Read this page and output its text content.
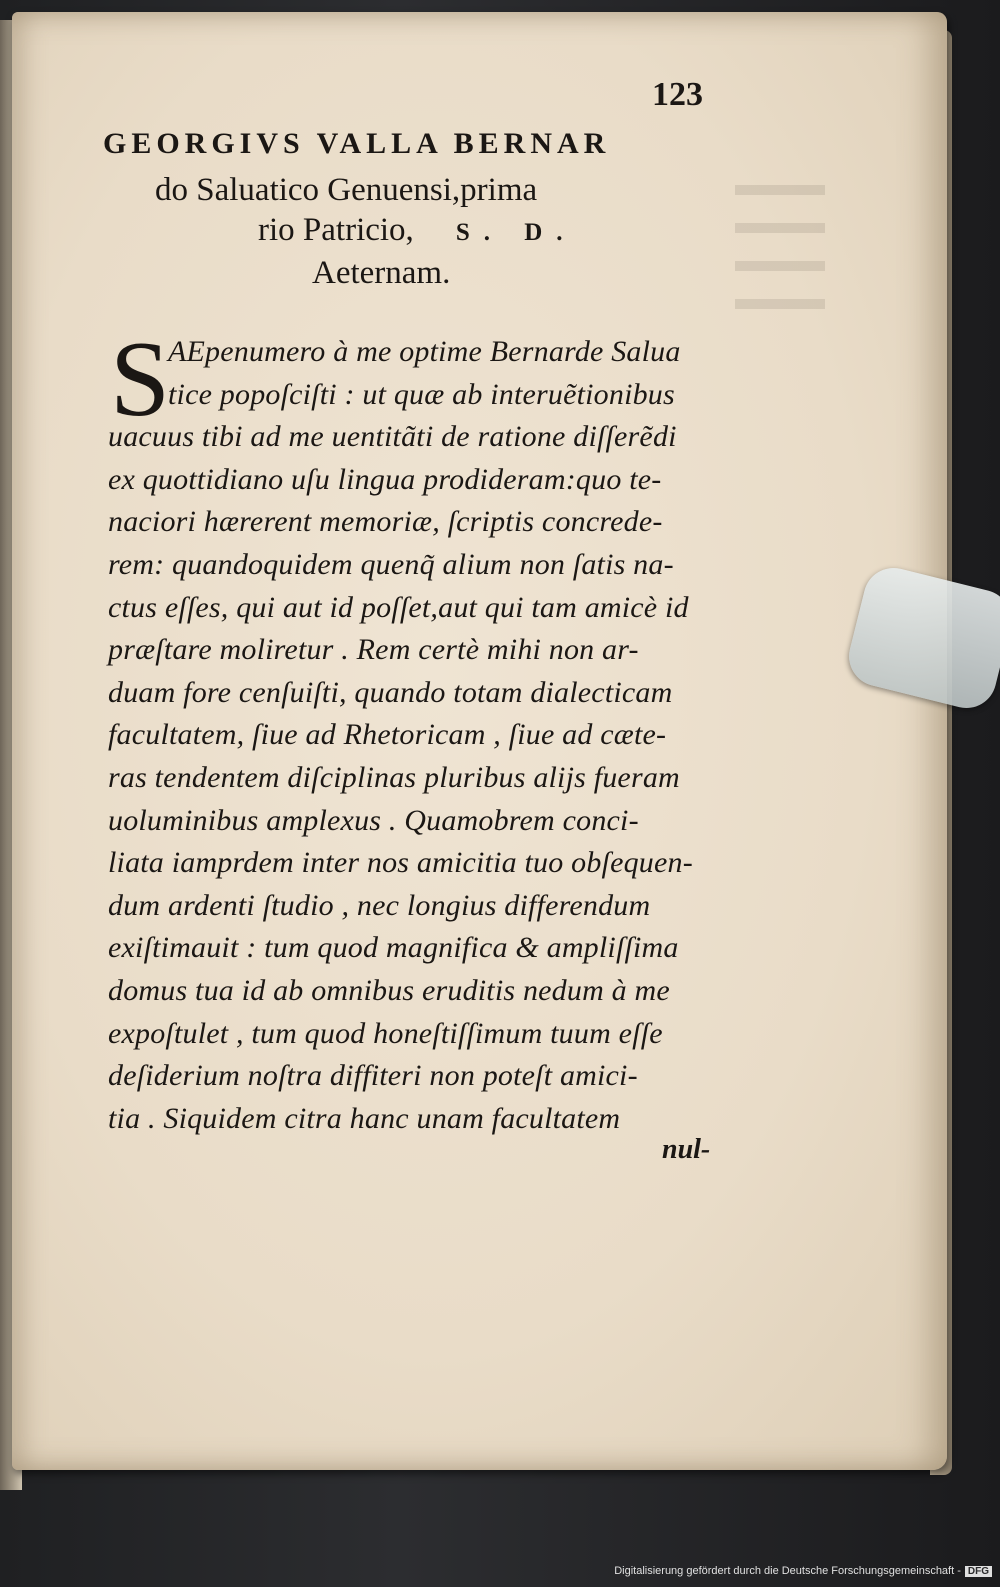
123
GEORGIVS VALLA BERNAR
do Saluatico Genuensi,prima
rio Patricio, S. D.
Aeternam.
S
AEpenumero à me optime Bernarde Salua
tice popoſciſti : ut quæ ab interuẽtionibus
uacuus tibi ad me uentitãti de ratione diſſerẽdi
ex quottidiano uſu lingua prodideram:quo te-
naciori hærerent memoriæ, ſcriptis concrede-
rem: quandoquidem quenq̃ alium non ſatis na-
ctus eſſes, qui aut id poſſet,aut qui tam amicè id
præſtare moliretur . Rem certè mihi non ar-
duam fore cenſuiſti, quando totam dialecticam
facultatem, ſiue ad Rhetoricam , ſiue ad cæte-
ras tendentem diſciplinas pluribus alijs fueram
uoluminibus amplexus . Quamobrem conci-
liata iamprdem inter nos amicitia tuo obſequen-
dum ardenti ſtudio , nec longius differendum
exiſtimauit : tum quod magnifica & ampliſſima
domus tua id ab omnibus eruditis nedum à me
expoſtulet , tum quod honeſtiſſimum tuum eſſe
deſiderium noſtra diffiteri non poteſt amici-
tia . Siquidem citra hanc unam facultatem
nul-
Digitalisierung gefördert durch die Deutsche Forschungsgemeinschaft - DFG
